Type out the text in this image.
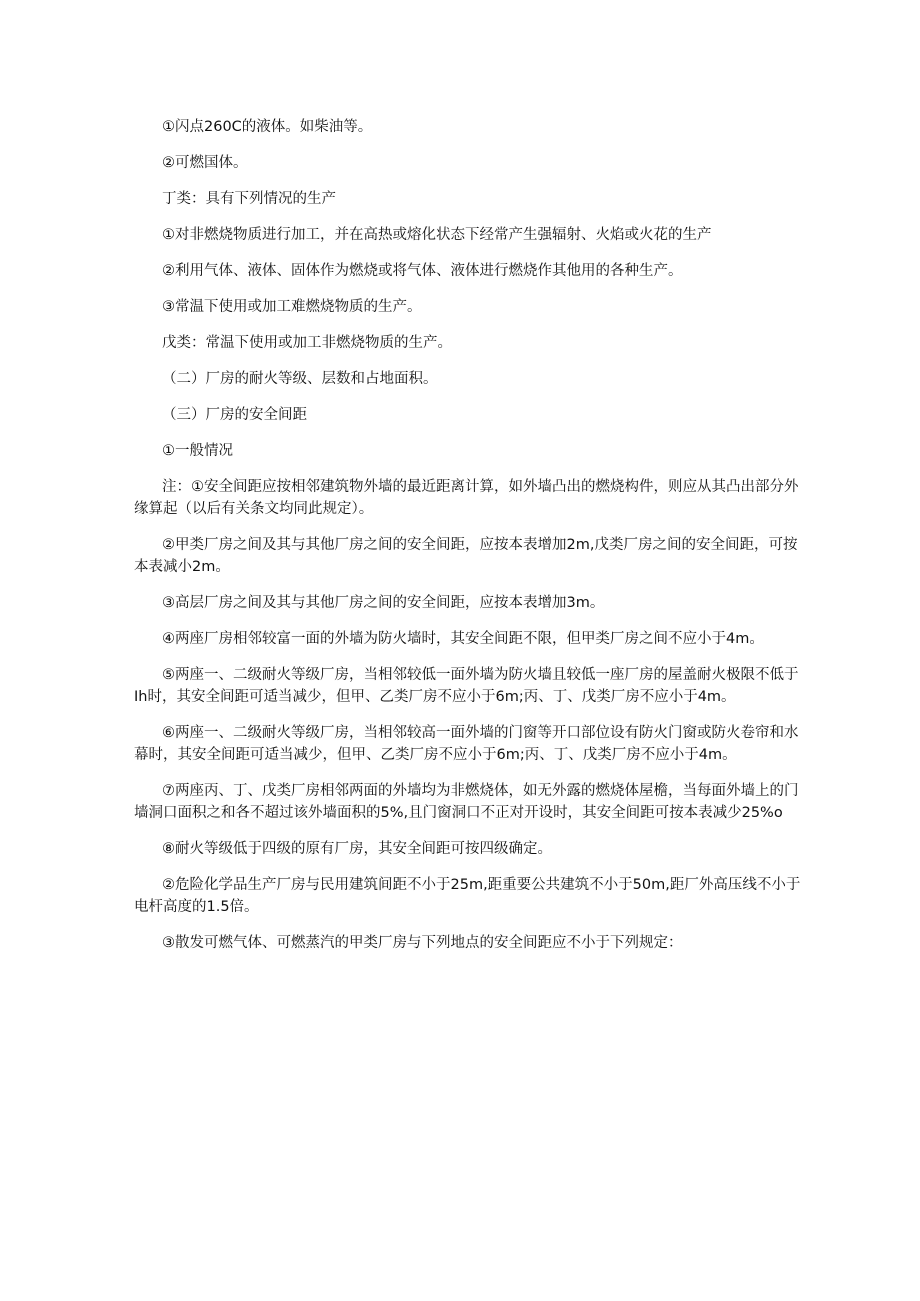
①闪点260C的液体。如柴油等。

②可燃国体。

丁类：具有下列情况的生产

①对非燃烧物质进行加工，并在高热或熔化状态下经常产生强辐射、火焰或火花的生产

②利用气体、液体、固体作为燃烧或将气体、液体进行燃烧作其他用的各种生产。

③常温下使用或加工难燃烧物质的生产。

戊类：常温下使用或加工非燃烧物质的生产。

（二）厂房的耐火等级、层数和占地面积。

（三）厂房的安全间距

①一般情况

注：①安全间距应按相邻建筑物外墙的最近距离计算，如外墙凸出的燃烧构件，则应从其凸出部分外缘算起（以后有关条文均同此规定）。

②甲类厂房之间及其与其他厂房之间的安全间距，应按本表增加2m,戊类厂房之间的安全间距，可按本表减小2m。

③高层厂房之间及其与其他厂房之间的安全间距，应按本表增加3m。

④两座厂房相邻较富一面的外墙为防火墙时，其安全间距不限，但甲类厂房之间不应小于4m。

⑤两座一、二级耐火等级厂房，当相邻较低一面外墙为防火墙且较低一座厂房的屋盖耐火极限不低于Ih时，其安全间距可适当减少，但甲、乙类厂房不应小于6m;丙、丁、戊类厂房不应小于4m。

⑥两座一、二级耐火等级厂房，当相邻较高一面外墙的门窗等开口部位设有防火门窗或防火卷帘和水幕时，其安全间距可适当减少，但甲、乙类厂房不应小于6m;丙、丁、戊类厂房不应小于4m。

⑦两座丙、丁、戊类厂房相邻两面的外墙均为非燃烧体，如无外露的燃烧体屋檐，当每面外墙上的门墙洞口面积之和各不超过该外墙面积的5%,且门窗洞口不正对开设时，其安全间距可按本表减少25%o

⑧耐火等级低于四级的原有厂房，其安全间距可按四级确定。

②危险化学品生产厂房与民用建筑间距不小于25m,距重要公共建筑不小于50m,距厂外高压线不小于电杆高度的1.5倍。

③散发可燃气体、可燃蒸汽的甲类厂房与下列地点的安全间距应不小于下列规定：
